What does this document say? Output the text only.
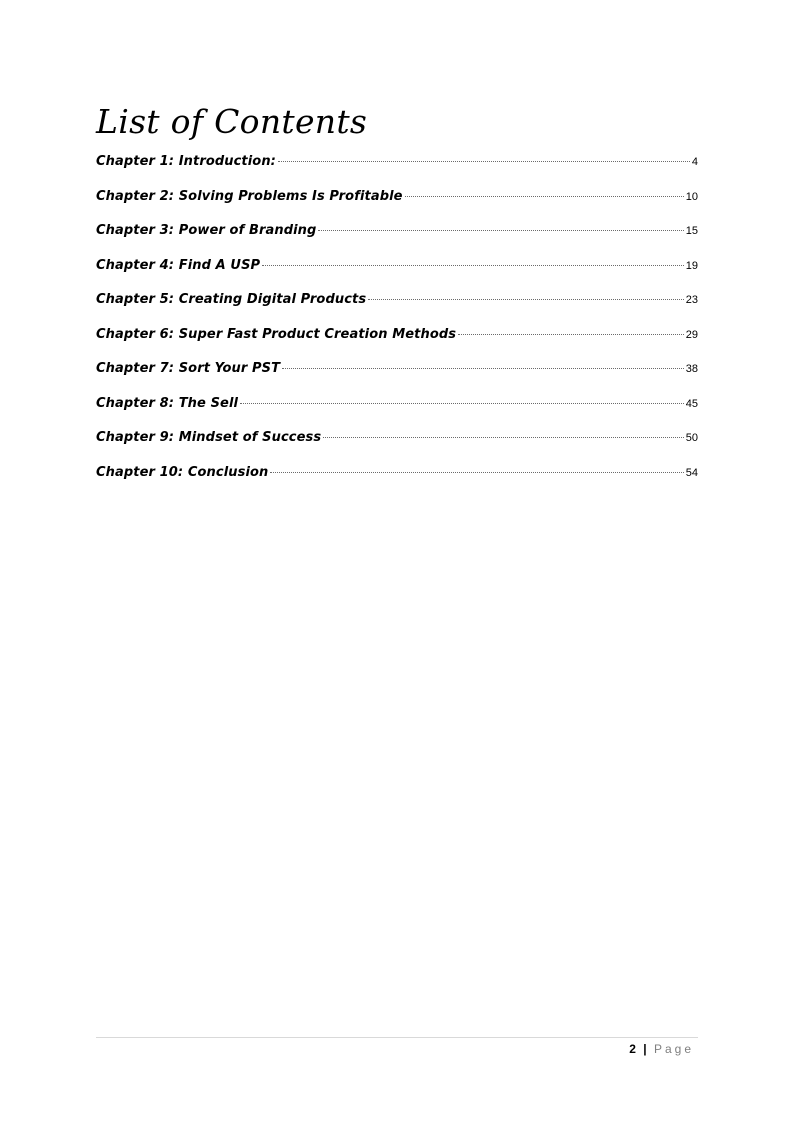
List of Contents
Chapter 1: Introduction:	4
Chapter 2: Solving Problems Is Profitable	10
Chapter 3: Power of Branding	15
Chapter 4: Find A USP	19
Chapter 5: Creating Digital Products	23
Chapter 6: Super Fast Product Creation Methods	29
Chapter 7: Sort Your PST	38
Chapter 8: The Sell	45
Chapter 9: Mindset of Success	50
Chapter 10: Conclusion	54
2 | Page
